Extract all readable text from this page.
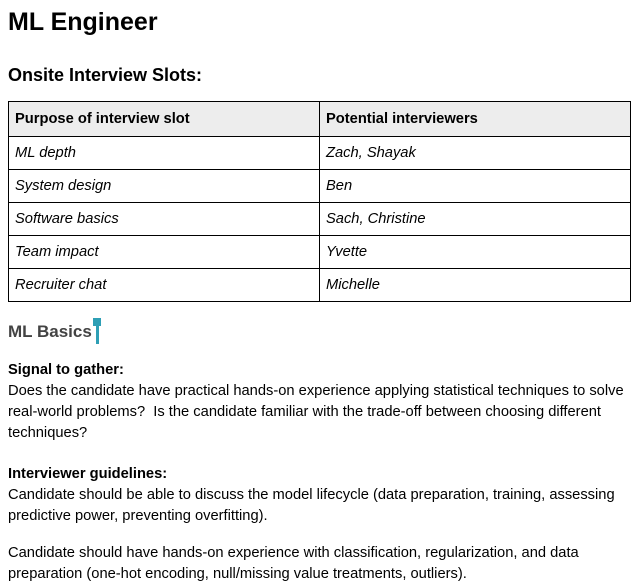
ML Engineer
Onsite Interview Slots:
Purpose of interview slot	Potential interviewers
ML depth	Zach, Shayak
System design	Ben
Software basics	Sach, Christine
Team impact	Yvette
Recruiter chat	Michelle
ML Basics

Signal to gather:

Does the candidate have practical hands-on experience applying statistical techniques to solve real-world problems?  Is the candidate familiar with the trade-off between choosing different techniques?

Interviewer guidelines:

Candidate should be able to discuss the model lifecycle (data preparation, training, assessing predictive power, preventing overfitting).

Candidate should have hands-on experience with classification, regularization, and data preparation (one-hot encoding, null/missing value treatments, outliers).
